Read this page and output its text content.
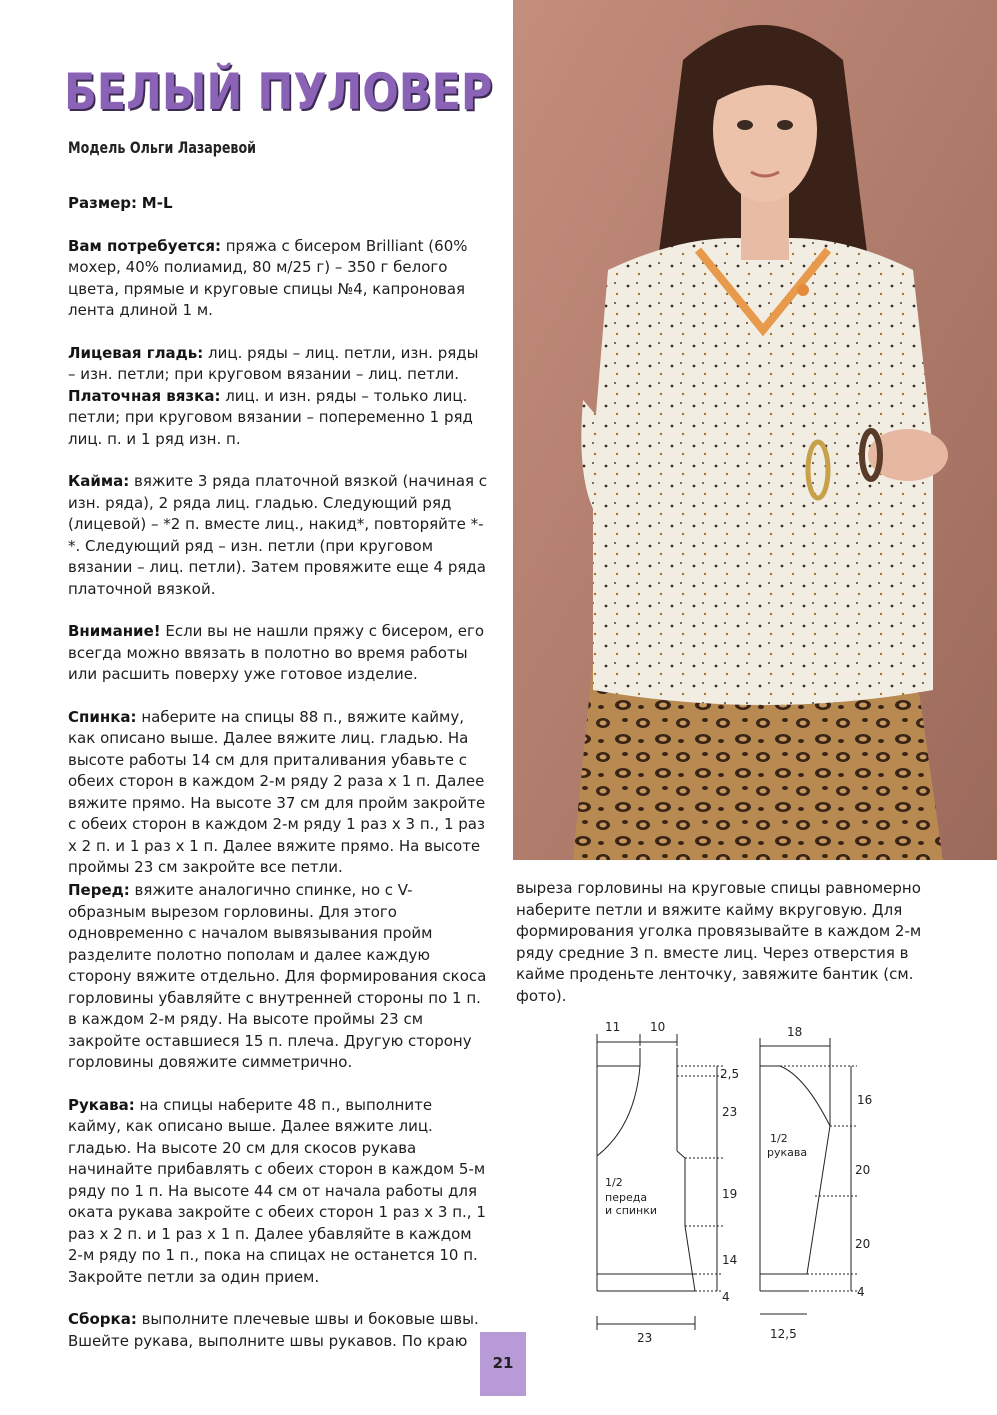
БЕЛЫЙ ПУЛОВЕР
Модель Ольги Лазаревой

Размер: M-L

Вам потребуется: пряжа с бисером Brilliant (60% мохер, 40% полиамид, 80 м/25 г) – 350 г белого цвета, прямые и круговые спицы №4, капроновая лента длиной 1 м.

Лицевая гладь: лиц. ряды – лиц. петли, изн. ряды – изн. петли; при круговом вязании – лиц. петли.

Платочная вязка: лиц. и изн. ряды – только лиц. петли; при круговом вязании – попеременно 1 ряд лиц. п. и 1 ряд изн. п.

Кайма: вяжите 3 ряда платочной вязкой (начиная с изн. ряда), 2 ряда лиц. гладью. Следующий ряд (лицевой) – *2 п. вместе лиц., накид*, повторяйте *-*. Следующий ряд – изн. петли (при круговом вязании – лиц. петли). Затем провяжите еще 4 ряда платочной вязкой.

Внимание! Если вы не нашли пряжу с бисером, его всегда можно ввязать в полотно во время работы или расшить поверху уже готовое изделие.

Спинка: наберите на спицы 88 п., вяжите кайму, как описано выше. Далее вяжите лиц. гладью. На высоте работы 14 см для приталивания убавьте с обеих сторон в каждом 2-м ряду 2 раза х 1 п. Далее вяжите прямо. На высоте 37 см для пройм закройте с обеих сторон в каждом 2-м ряду 1 раз х 3 п., 1 раз х 2 п. и 1 раз х 1 п. Далее вяжите прямо. На высоте проймы 23 см закройте все петли.

Перед: вяжите аналогично спинке, но с V-образным вырезом горловины. Для этого одновременно с началом вывязывания пройм разделите полотно пополам и далее каждую сторону вяжите отдельно. Для формирования скоса горловины убавляйте с внутренней стороны по 1 п. в каждом 2-м ряду. На высоте проймы 23 см закройте оставшиеся 15 п. плеча. Другую сторону горловины довяжите симметрично.

Рукава: на спицы наберите 48 п., выполните кайму, как описано выше. Далее вяжите лиц. гладью. На высоте 20 см для скосов рукава начинайте прибавлять с обеих сторон в каждом 5-м ряду по 1 п. На высоте 44 см от начала работы для оката рукава закройте с обеих сторон 1 раз х 3 п., 1 раз х 2 п. и 1 раз х 1 п. Далее убавляйте в каждом 2-м ряду по 1 п., пока на спицах не останется 10 п. Закройте петли за один прием.

Сборка: выполните плечевые швы и боковые швы. Вшейте рукава, выполните швы рукавов. По краю

выреза горловины на круговые спицы равномерно наберите петли и вяжите кайму вкруговую. Для формирования уголка провязывайте в каждом 2-м ряду средние 3 п. вместе лиц. Через отверстия в кайме проденьте ленточку, завяжите бантик (см. фото).

11 10
2,5
23
19
14
4
23
1/2
переда
и спинки
18
16
20
20
4
12,5
1/2
рукава
21
